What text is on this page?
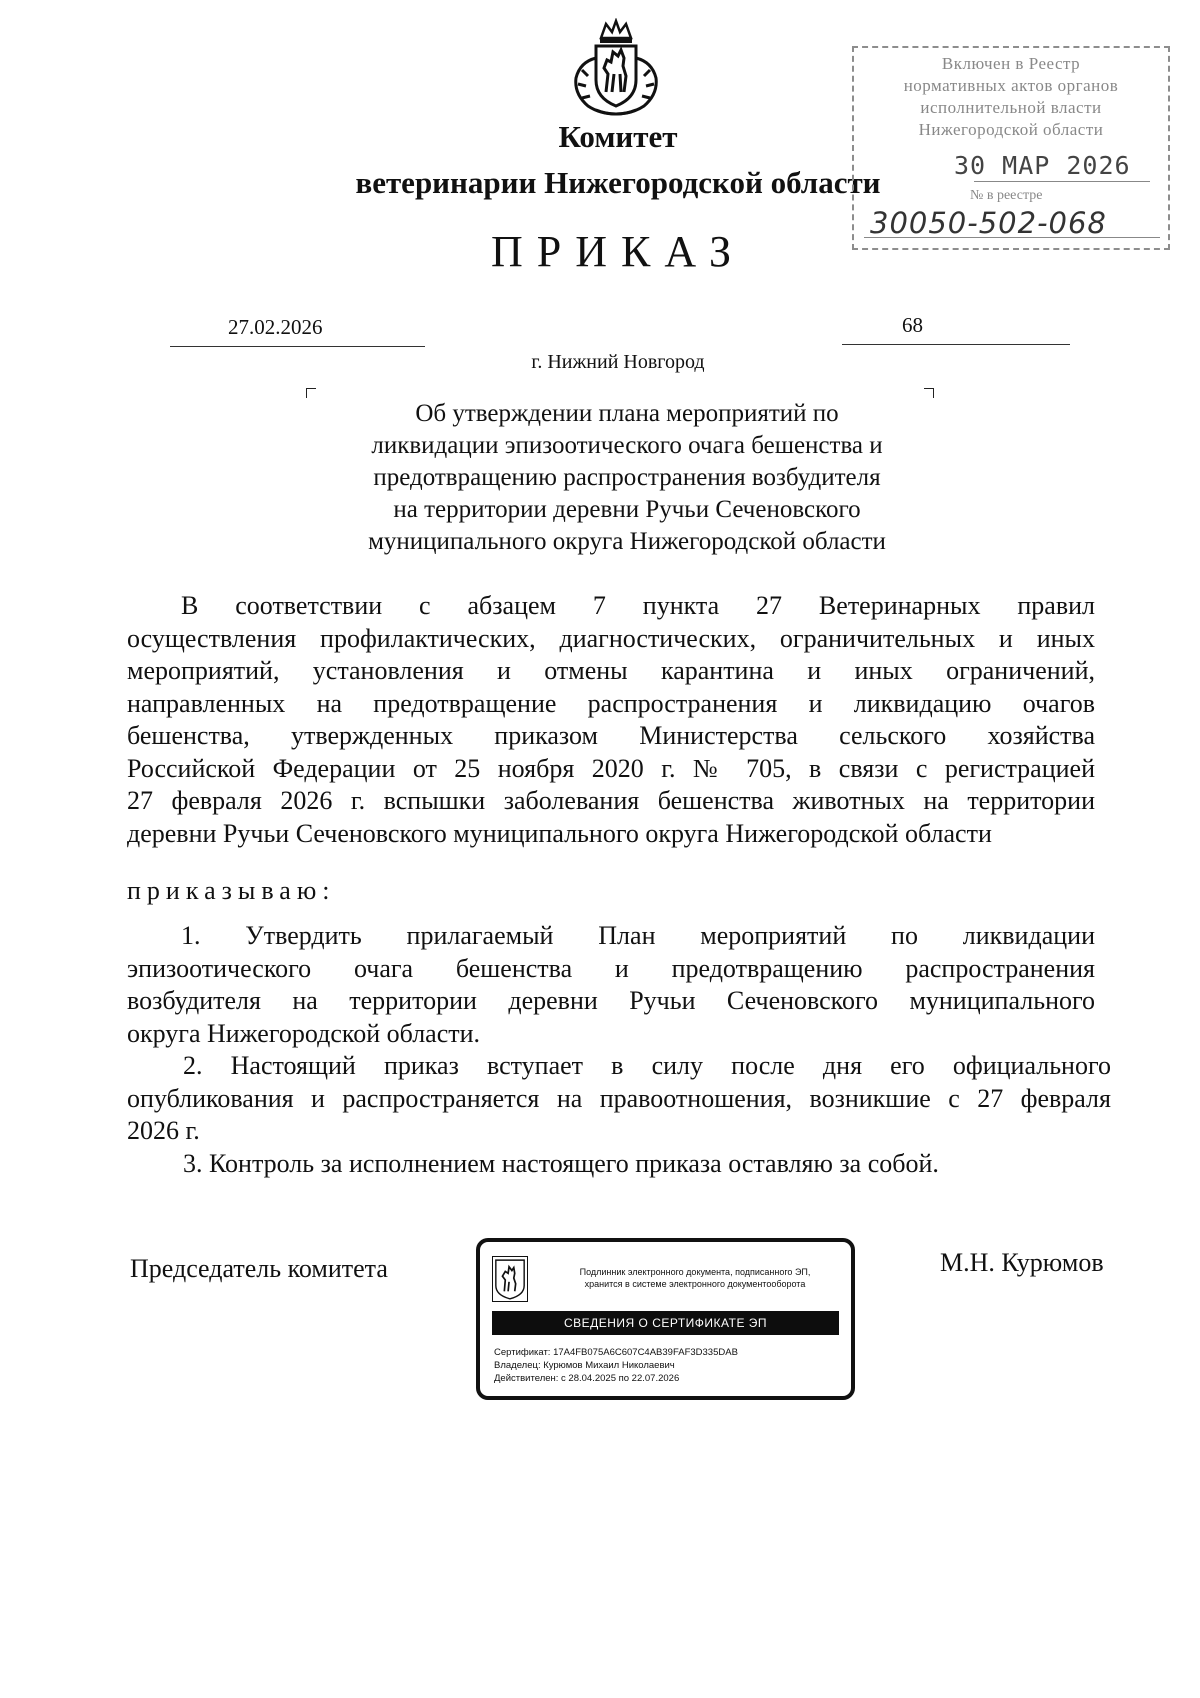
Комитет
ветеринарии Нижегородской области
ПРИКАЗ
Включен в Реестр
нормативных актов органов
исполнительной власти
Нижегородской области
30 МАР 2026
№ в реестре
30050-502-068
27.02.2026	68
г. Нижний Новгород
Об утверждении плана мероприятий по
ликвидации эпизоотического очага бешенства и
предотвращению распространения возбудителя
на территории деревни Ручьи Сеченовского
муниципального округа Нижегородской области
В соответствии с абзацем 7 пункта 27 Ветеринарных правил
осуществления профилактических, диагностических, ограничительных и иных
мероприятий, установления и отмены карантина и иных ограничений,
направленных на предотвращение распространения и ликвидацию очагов
бешенства, утвержденных приказом Министерства сельского хозяйства
Российской Федерации от 25 ноября 2020 г. № 705, в связи с регистрацией
27 февраля 2026 г. вспышки заболевания бешенства животных на территории
деревни Ручьи Сеченовского муниципального округа Нижегородской области
приказываю:
1. Утвердить прилагаемый План мероприятий по ликвидации
эпизоотического очага бешенства и предотвращению распространения
возбудителя на территории деревни Ручьи Сеченовского муниципального
округа Нижегородской области.
2. Настоящий приказ вступает в силу после дня его официального
опубликования и распространяется на правоотношения, возникшие с 27 февраля
2026 г.
3. Контроль за исполнением настоящего приказа оставляю за собой.
Председатель комитета	М.Н. Курюмов
Подлинник электронного документа, подписанного ЭП,
хранится в системе электронного документооборота
СВЕДЕНИЯ О СЕРТИФИКАТЕ ЭП
Сертификат: 17A4FB075A6C607C4AB39FAF3D335DAB
Владелец: Курюмов Михаил Николаевич
Действителен: с 28.04.2025 по 22.07.2026
